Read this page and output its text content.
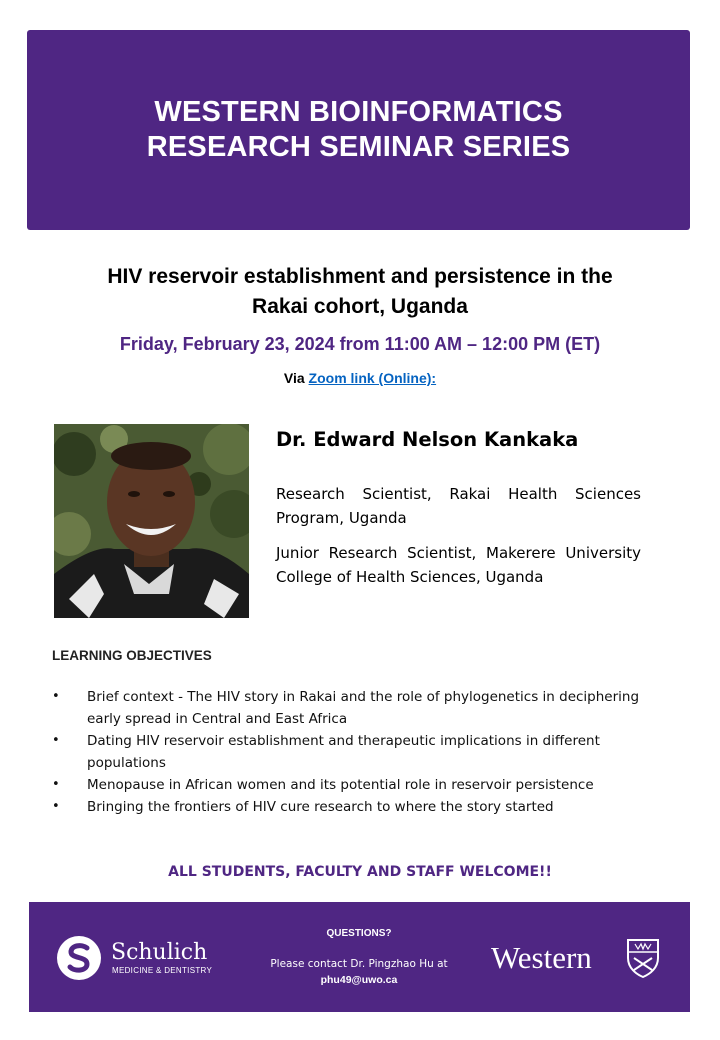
WESTERN BIOINFORMATICS
RESEARCH SEMINAR SERIES
HIV reservoir establishment and persistence in the
Rakai cohort, Uganda
Friday, February 23, 2024 from 11:00 AM – 12:00 PM (ET)
Via Zoom link (Online):
Dr. Edward Nelson Kankaka
Research Scientist, Rakai Health Sciences Program, Uganda
Junior Research Scientist, Makerere University College of Health Sciences, Uganda
LEARNING OBJECTIVES
• Brief context - The HIV story in Rakai and the role of phylogenetics in deciphering early spread in Central and East Africa
• Dating HIV reservoir establishment and therapeutic implications in different populations
• Menopause in African women and its potential role in reservoir persistence
• Bringing the frontiers of HIV cure research to where the story started
ALL STUDENTS, FACULTY AND STAFF WELCOME!!
Schulich
MEDICINE & DENTISTRY
QUESTIONS?
Please contact Dr. Pingzhao Hu at
phu49@uwo.ca
Western
